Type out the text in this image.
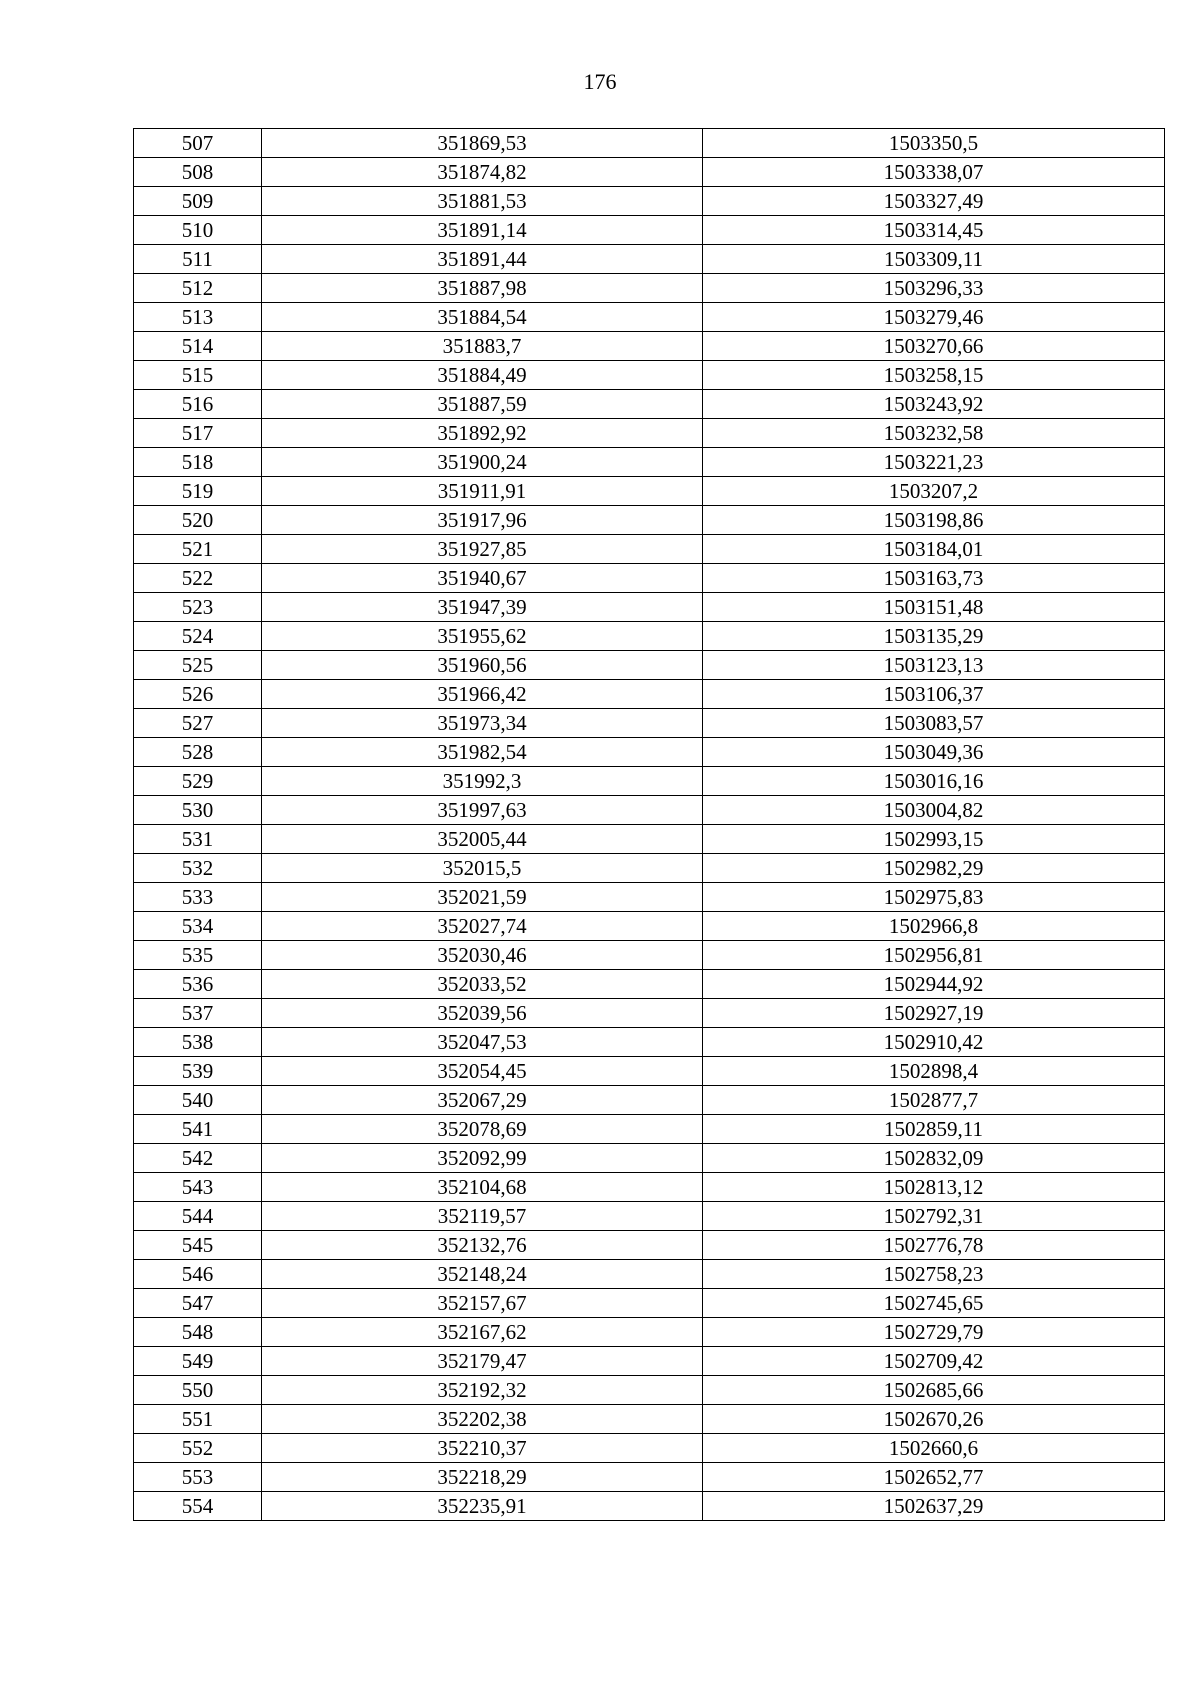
176
507	351869,53	1503350,5
508	351874,82	1503338,07
509	351881,53	1503327,49
510	351891,14	1503314,45
511	351891,44	1503309,11
512	351887,98	1503296,33
513	351884,54	1503279,46
514	351883,7	1503270,66
515	351884,49	1503258,15
516	351887,59	1503243,92
517	351892,92	1503232,58
518	351900,24	1503221,23
519	351911,91	1503207,2
520	351917,96	1503198,86
521	351927,85	1503184,01
522	351940,67	1503163,73
523	351947,39	1503151,48
524	351955,62	1503135,29
525	351960,56	1503123,13
526	351966,42	1503106,37
527	351973,34	1503083,57
528	351982,54	1503049,36
529	351992,3	1503016,16
530	351997,63	1503004,82
531	352005,44	1502993,15
532	352015,5	1502982,29
533	352021,59	1502975,83
534	352027,74	1502966,8
535	352030,46	1502956,81
536	352033,52	1502944,92
537	352039,56	1502927,19
538	352047,53	1502910,42
539	352054,45	1502898,4
540	352067,29	1502877,7
541	352078,69	1502859,11
542	352092,99	1502832,09
543	352104,68	1502813,12
544	352119,57	1502792,31
545	352132,76	1502776,78
546	352148,24	1502758,23
547	352157,67	1502745,65
548	352167,62	1502729,79
549	352179,47	1502709,42
550	352192,32	1502685,66
551	352202,38	1502670,26
552	352210,37	1502660,6
553	352218,29	1502652,77
554	352235,91	1502637,29
